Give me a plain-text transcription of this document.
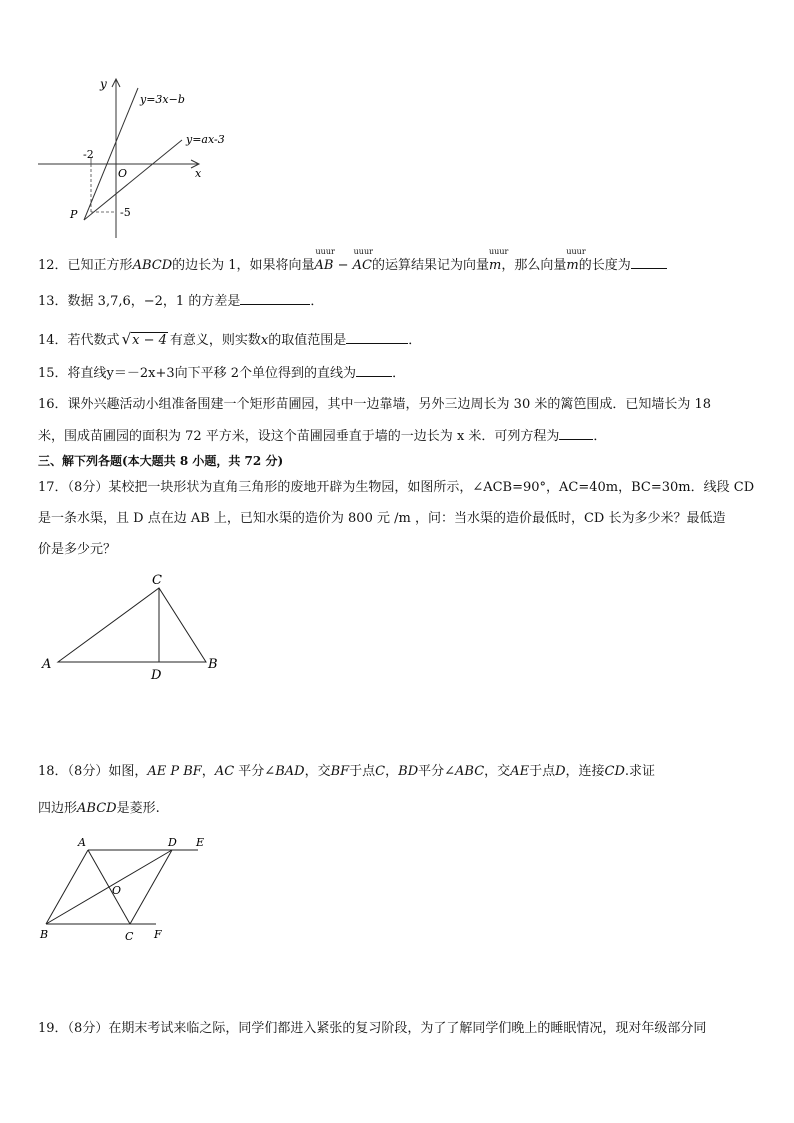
y
y=3x−b
y=ax-3
-2
O	x
P	-5
12．已知正方形ABCD的边长为 1，如果将向量
uuur
AB −
uuur
AC的运算结果记为向量
uuur
m，那么向量
uuur
m的长度为
13．数据 3,7,6，−2，1 的方差是	．
14．若代数式 √x − 4 有意义，则实数x的取值范围是	．
15．将直线y＝－2x+3向下平移 2个单位得到的直线为	．
16．课外兴趣活动小组准备围建一个矩形苗圃园，其中一边靠墙，另外三边周长为 30 米的篱笆围成．已知墙长为 18
米，围成苗圃园的面积为 72 平方米，设这个苗圃园垂直于墙的一边长为 x 米．可列方程为	．
三、解下列各题(本大题共 8 小题，共 72 分)
17．（8分）某校把一块形状为直角三角形的废地开辟为生物园，如图所示，∠ACB=90°，AC=40m，BC=30m．线段 CD
是一条水渠，且 D 点在边 AB 上，已知水渠的造价为 800 元 /m ，问：当水渠的造价最低时，CD 长为多少米？最低造
价是多少元？
C
A	B
D
18．（8分）如图，AE P BF，AC 平分∠BAD，交BF于点C，BD平分∠ABC，交AE于点D，连接CD.求证
四边形ABCD是菱形.
A	D E
O
B	C F
19．（8分）在期末考试来临之际，同学们都进入紧张的复习阶段，为了了解同学们晚上的睡眠情况，现对年级部分同
